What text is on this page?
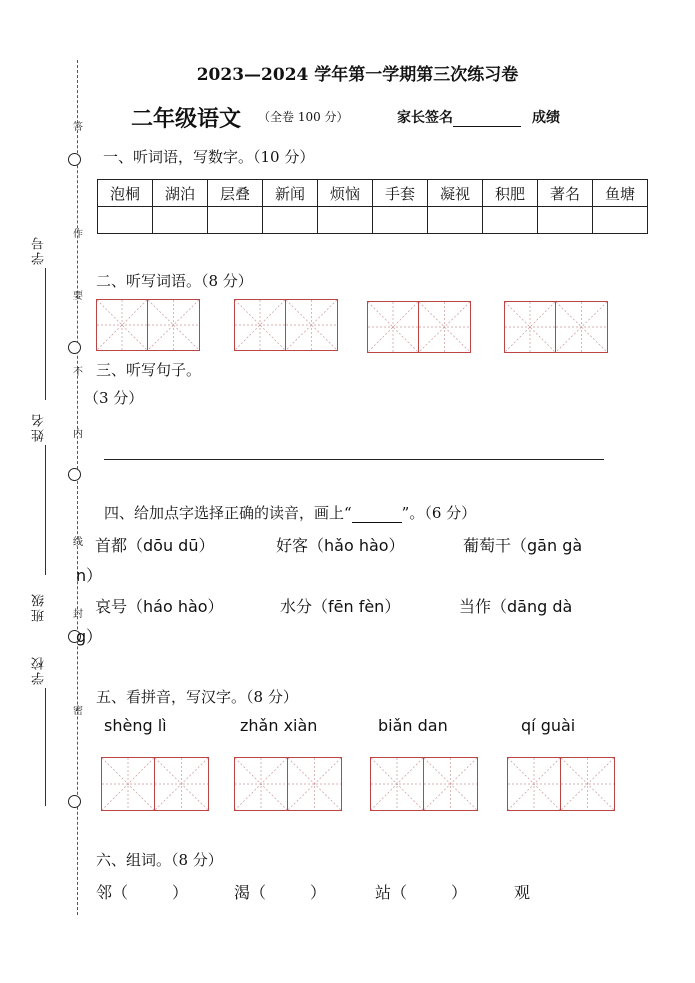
答
作
要
不
内
线
封
密
学号
姓名
班级
学校
2023—2024 学年第一学期第三次练习卷
二年级语文 （全卷 100 分）	家长签名	成绩
一、听词语，写数字。（10 分）
泡桐	湖泊	层叠	新闻	烦恼	手套	凝视	积肥	著名	鱼塘

二、听写词语。（8 分）
三、听写句子。
（3 分）
四、给加点字选择正确的读音，画上“	”。（6 分）
首都（dōu dū）	好客（hǎo hào）	葡萄干（gān gà
n）
哀号（háo hào）	水分（fēn fèn）	当作（dāng dà
g）
五、看拼音，写汉字。（8 分）
shèng lì	zhǎn xiàn	biǎn dan	qí guài
六、组词。（8 分）
邻（	）	渴（	）	站（	）	观
